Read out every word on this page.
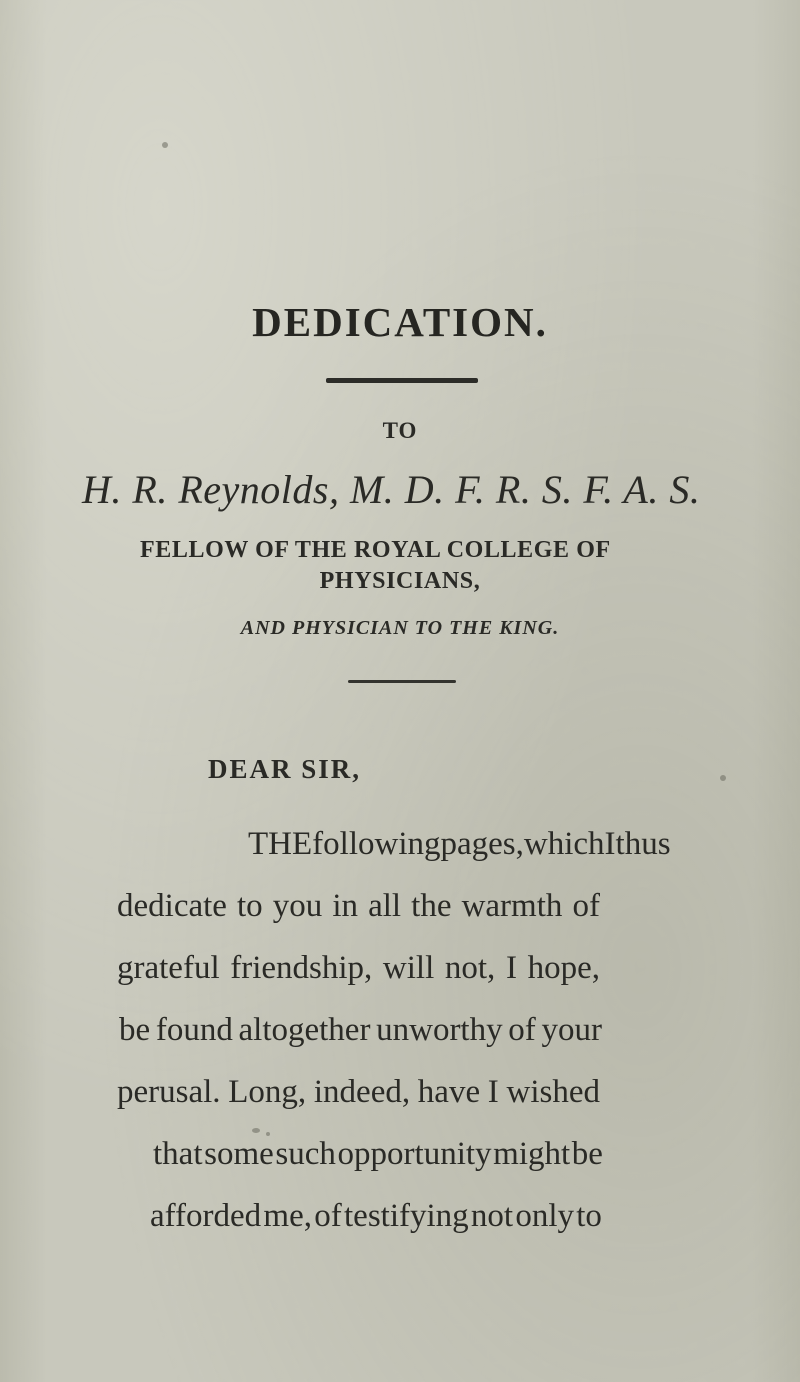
DEDICATION.
TO
H. R. Reynolds, M. D. F. R. S. F. A. S.
FELLOW OF THE ROYAL COLLEGE OF
PHYSICIANS,
AND PHYSICIAN TO THE KING.
DEAR SIR,
THE following pages, which I thus
dedicate to you in all the warmth of
grateful friendship, will not, I hope,
be found altogether unworthy of your
perusal. Long, indeed, have I wished
that some such opportunity might be
afforded me, of testifying not only to
